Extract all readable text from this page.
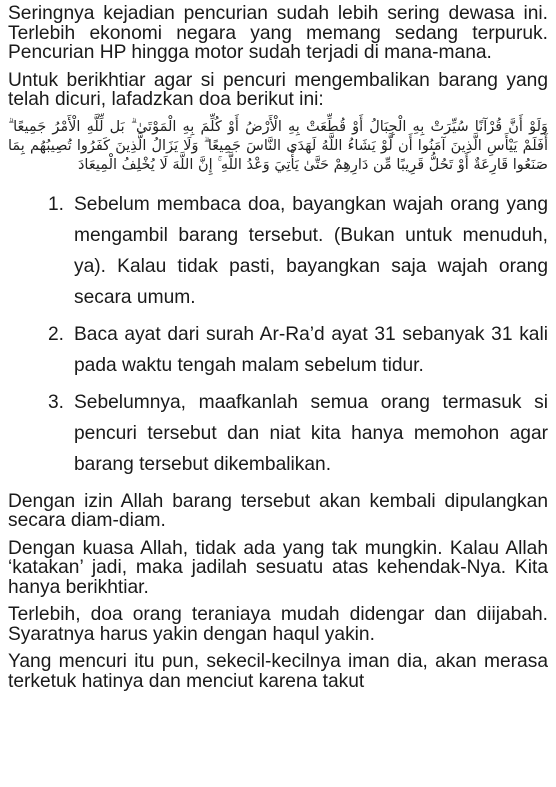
Seringnya kejadian pencurian sudah lebih sering dewasa ini. Terlebih ekonomi negara yang memang sedang terpuruk. Pencurian HP hingga motor sudah terjadi di mana-mana.

Untuk berikhtiar agar si pencuri mengembalikan barang yang telah dicuri, lafadzkan doa berikut ini:

وَلَوْ أَنَّ قُرْآنًا سُيِّرَتْ بِهِ الْجِبَالُ أَوْ قُطِّعَتْ بِهِ الْأَرْضُ أَوْ كُلِّمَ بِهِ الْمَوْتَىٰ ۗ بَل لِّلَّهِ الْأَمْرُ جَمِيعًا ۗ أَفَلَمْ يَيْأَسِ الَّذِينَ آمَنُوا أَن لَّوْ يَشَاءُ اللَّهُ لَهَدَى النَّاسَ جَمِيعًا ۗ وَلَا يَزَالُ الَّذِينَ كَفَرُوا تُصِيبُهُم بِمَا صَنَعُوا قَارِعَةٌ أَوْ تَحُلُّ قَرِيبًا مِّن دَارِهِمْ حَتَّىٰ يَأْتِيَ وَعْدُ اللَّهِ ۚ إِنَّ اللَّهَ لَا يُخْلِفُ الْمِيعَادَ

1. Sebelum membaca doa, bayangkan wajah orang yang mengambil barang tersebut. (Bukan untuk menuduh, ya). Kalau tidak pasti, bayangkan saja wajah orang secara umum.
2. Baca ayat dari surah Ar-Ra’d ayat 31 sebanyak 31 kali pada waktu tengah malam sebelum tidur.
3. Sebelumnya, maafkanlah semua orang termasuk si pencuri tersebut dan niat kita hanya memohon agar barang tersebut dikembalikan.

Dengan izin Allah barang tersebut akan kembali dipulangkan secara diam-diam.

Dengan kuasa Allah, tidak ada yang tak mungkin. Kalau Allah ‘katakan’ jadi, maka jadilah sesuatu atas kehendak-Nya. Kita hanya berikhtiar.

Terlebih, doa orang teraniaya mudah didengar dan diijabah. Syaratnya harus yakin dengan haqul yakin.

Yang mencuri itu pun, sekecil-kecilnya iman dia, akan merasa terketuk hatinya dan menciut karena takut
